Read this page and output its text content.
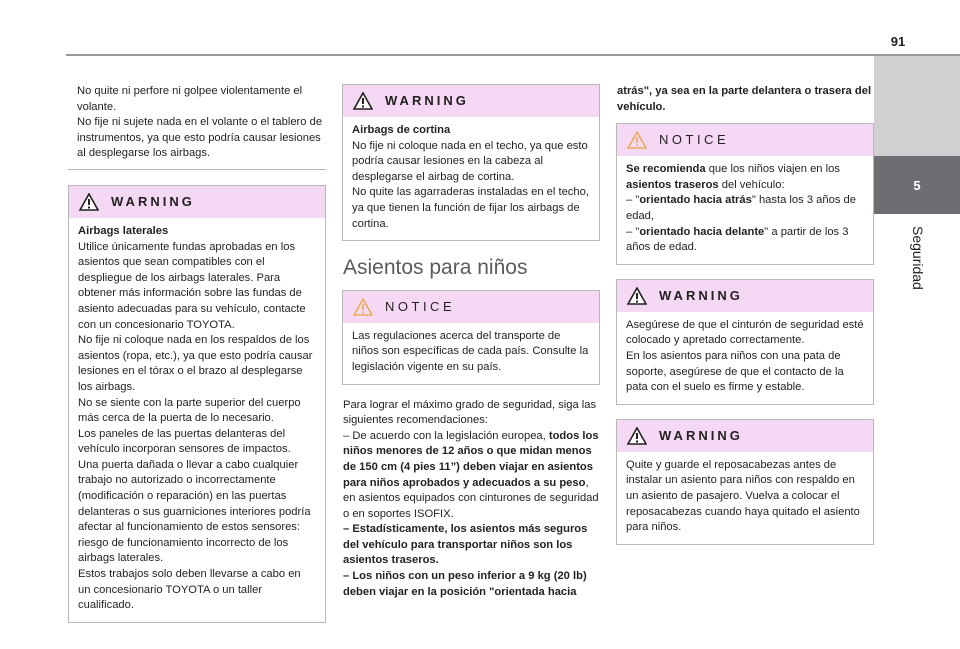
91
5
Seguridad

No quite ni perfore ni golpee violentamente el volante.

No fije ni sujete nada en el volante o el tablero de instrumentos, ya que esto podría causar lesiones al desplegarse los airbags.

WARNING

Airbags laterales

Utilice únicamente fundas aprobadas en los asientos que sean compatibles con el despliegue de los airbags laterales. Para obtener más información sobre las fundas de asiento adecuadas para su vehículo, contacte con un concesionario TOYOTA.

No fije ni coloque nada en los respaldos de los asientos (ropa, etc.), ya que esto podría causar lesiones en el tórax o el brazo al desplegarse los airbags.

No se siente con la parte superior del cuerpo más cerca de la puerta de lo necesario.

Los paneles de las puertas delanteras del vehículo incorporan sensores de impactos.

Una puerta dañada o llevar a cabo cualquier trabajo no autorizado o incorrectamente (modificación o reparación) en las puertas delanteras o sus guarniciones interiores podría afectar al funcionamiento de estos sensores: riesgo de funcionamiento incorrecto de los airbags laterales.

Estos trabajos solo deben llevarse a cabo en un concesionario TOYOTA o un taller cualificado.

WARNING

Airbags de cortina

No fije ni coloque nada en el techo, ya que esto podría causar lesiones en la cabeza al desplegarse el airbag de cortina.

No quite las agarraderas instaladas en el techo, ya que tienen la función de fijar los airbags de cortina.

Asientos para niños
NOTICE

Las regulaciones acerca del transporte de niños son específicas de cada país. Consulte la legislación vigente en su país.

Para lograr el máximo grado de seguridad, siga las siguientes recomendaciones:

– De acuerdo con la legislación europea, todos los niños menores de 12 años o que midan menos de 150 cm (4 pies 11”) deben viajar en asientos para niños aprobados y adecuados a su peso, en asientos equipados con cinturones de seguridad o en soportes ISOFIX.

– Estadísticamente, los asientos más seguros del vehículo para transportar niños son los asientos traseros.

– Los niños con un peso inferior a 9 kg (20 lb) deben viajar en la posición "orientada hacia

atrás", ya sea en la parte delantera o trasera del vehículo.

NOTICE

Se recomienda que los niños viajen en los asientos traseros del vehículo:

– "orientado hacia atrás" hasta los 3 años de edad,

– "orientado hacia delante" a partir de los 3 años de edad.

WARNING

Asegúrese de que el cinturón de seguridad esté colocado y apretado correctamente.

En los asientos para niños con una pata de soporte, asegúrese de que el contacto de la pata con el suelo es firme y estable.

WARNING

Quite y guarde el reposacabezas antes de instalar un asiento para niños con respaldo en un asiento de pasajero. Vuelva a colocar el reposacabezas cuando haya quitado el asiento para niños.
